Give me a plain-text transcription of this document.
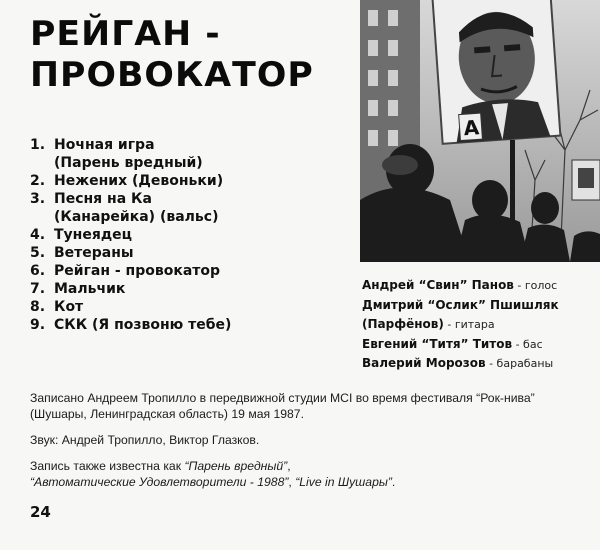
РЕЙГАН -
ПРОВОКАТОР
1. Ночная игра
(Парень вредный)
2. Нежених (Девоньки)
3. Песня на Ка
(Канарейка) (вальс)
4. Тунеядец
5. Ветераны
6. Рейган - провокатор
7. Мальчик
8. Кот
9. СКК (Я позвоню тебе)
A
Андрей “Свин” Панов - голос
Дмитрий “Ослик” Пшишляк
(Парфёнов) - гитара
Евгений “Титя” Титов - бас
Валерий Морозов - барабаны

Записано Андреем Тропилло в передвижной студии МСІ во время фестиваля “Рок-нива” (Шушары, Ленинградская область) 19 мая 1987.

Звук: Андрей Тропилло, Виктор Глазков.

Запись также известна как “Парень вредный”,
“Автоматические Удовлетворители - 1988”, “Live in Шушары”.

24
